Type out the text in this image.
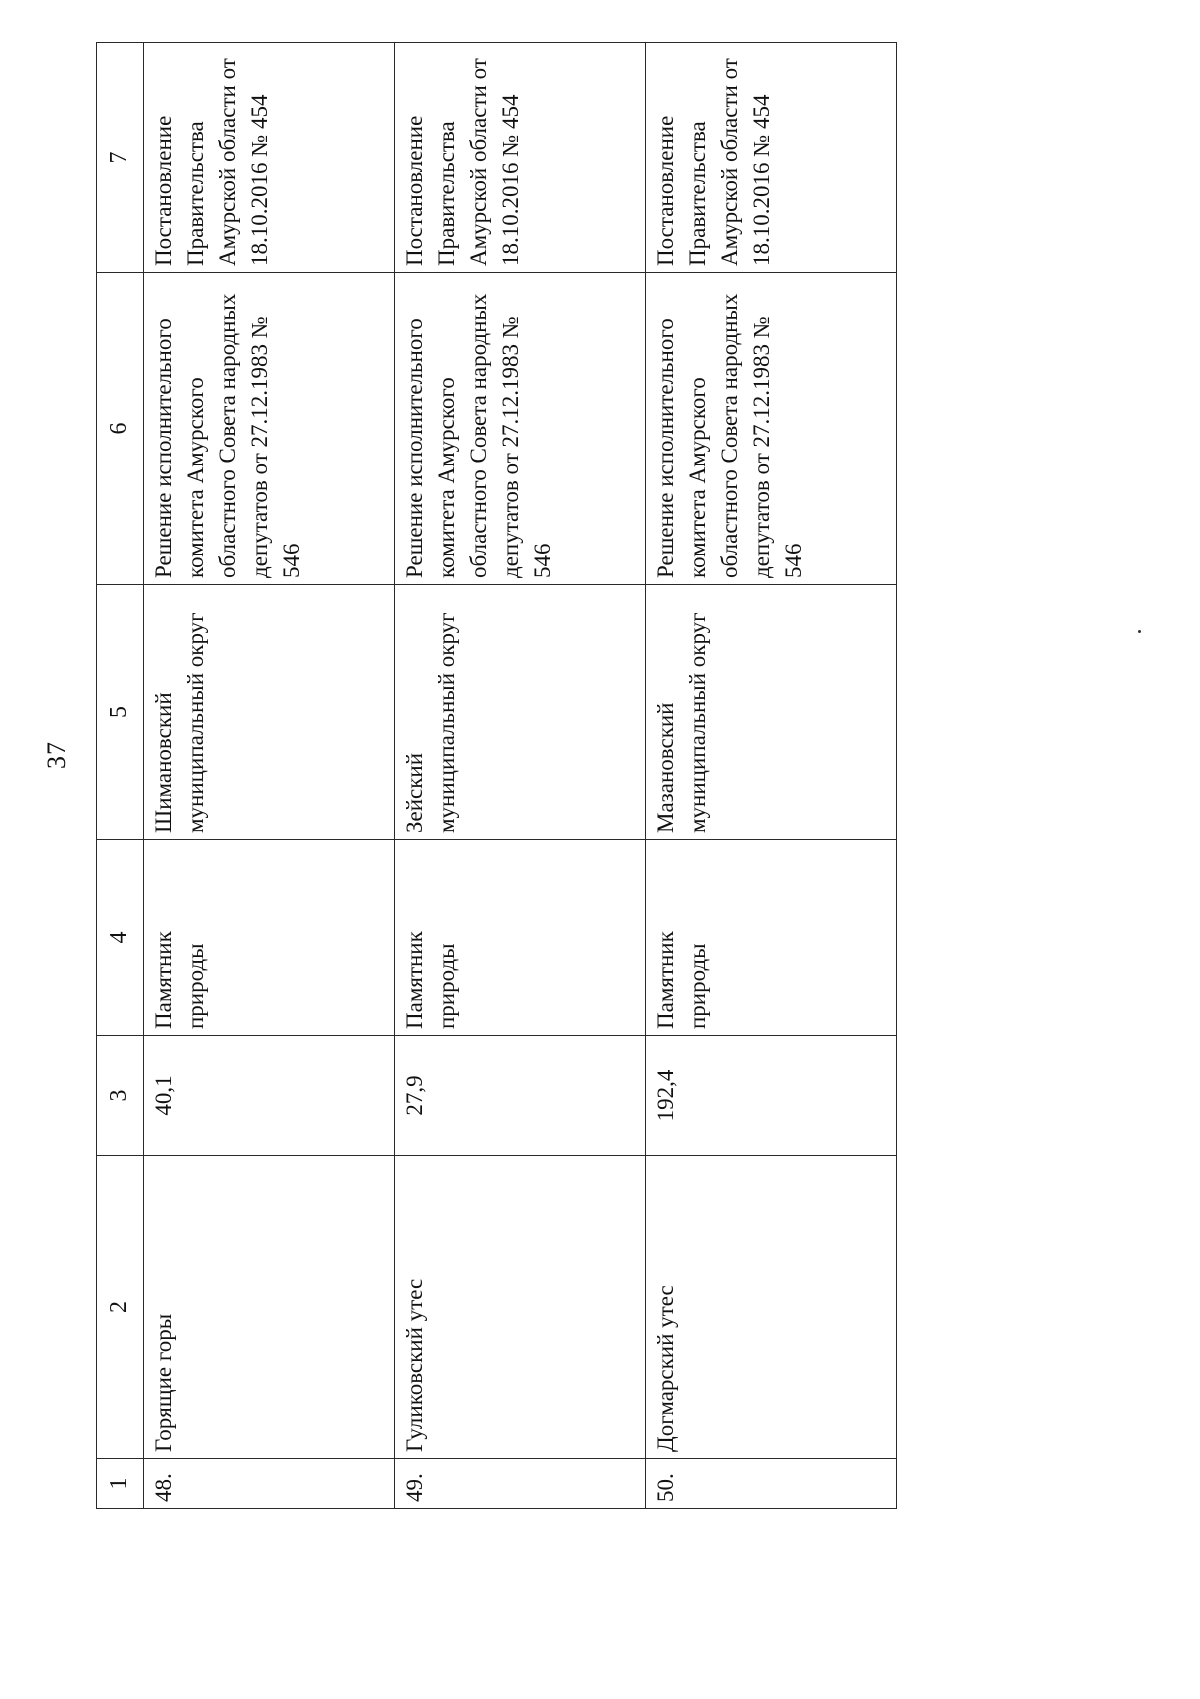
37
1	2	3	4	5	6	7
48.	Горящие горы	40,1	Памятник природы	Шимановский муниципальный округ	Решение исполнительного комитета Амурского областного Совета народных депутатов от 27.12.1983 № 546	Постановление Правительства Амурской области от 18.10.2016 № 454
49.	Гуликовский утес	27,9	Памятник природы	Зейский муниципальный округ	Решение исполнительного комитета Амурского областного Совета народных депутатов от 27.12.1983 № 546	Постановление Правительства Амурской области от 18.10.2016 № 454
50.	Догмарский утес	192,4	Памятник природы	Мазановский муниципальный округ	Решение исполнительного комитета Амурского областного Совета народных депутатов от 27.12.1983 № 546	Постановление Правительства Амурской области от 18.10.2016 № 454
